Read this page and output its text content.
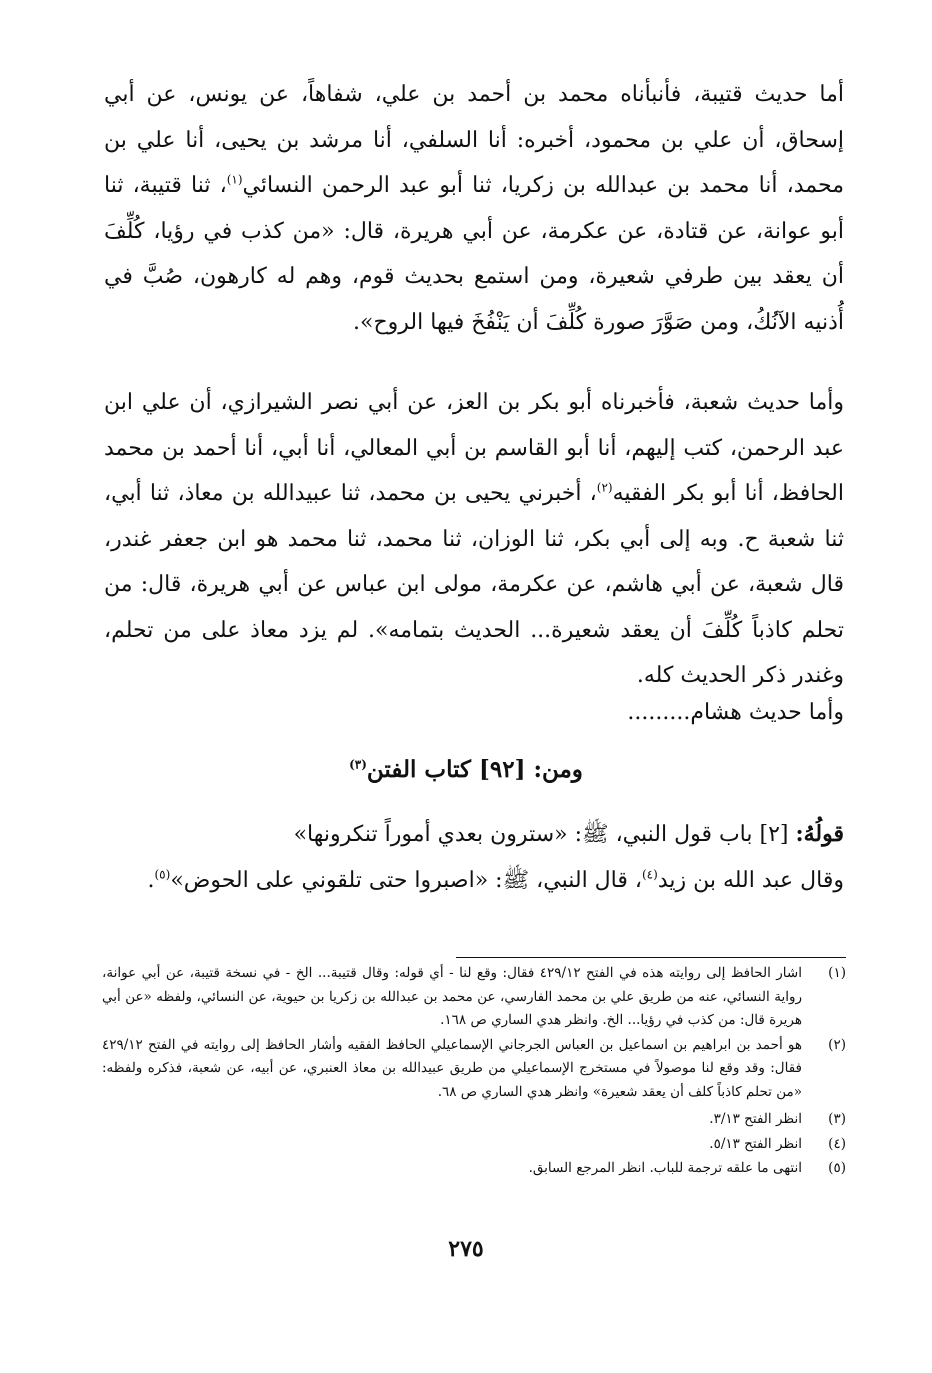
أما حديث قتيبة، فأنبأناه محمد بن أحمد بن علي، شفاهاً، عن يونس، عن أبي إسحاق، أن علي بن محمود، أخبره: أنا السلفي، أنا مرشد بن يحيى، أنا علي بن محمد، أنا محمد بن عبدالله بن زكريا، ثنا أبو عبد الرحمن النسائي$^{(١)}$، ثنا قتيبة، ثنا أبو عوانة، عن قتادة، عن عكرمة، عن أبي هريرة، قال: «من كذب في رؤيا، كُلِّفَ أن يعقد بين طرفي شعيرة، ومن استمع بحديث قوم، وهم له كارهون، صُبَّ في أُذنيه الآنُكُ، ومن صَوَّرَ صورة كُلِّفَ أن يَنْفُخَ فيها الروح».
وأما حديث شعبة، فأخبرناه أبو بكر بن العز، عن أبي نصر الشيرازي، أن علي ابن عبد الرحمن، كتب إليهم، أنا أبو القاسم بن أبي المعالي، أنا أبي، أنا أحمد بن محمد الحافظ، أنا أبو بكر الفقيه$^{(٢)}$، أخبرني يحيى بن محمد، ثنا عبيدالله بن معاذ، ثنا أبي، ثنا شعبة ح. وبه إلى أبي بكر، ثنا الوزان، ثنا محمد، ثنا محمد هو ابن جعفر غندر، قال شعبة، عن أبي هاشم، عن عكرمة، مولى ابن عباس عن أبي هريرة، قال: من تحلم كاذباً كُلِّفَ أن يعقد شعيرة... الحديث بتمامه». لم يزد معاذ على من تحلم، وغندر ذكر الحديث كله.
وأما حديث هشام.........
ومن: [٩٢] كتاب الفتن$^{(٣)}$
قولُهُ: [٢] باب قول النبي، ﷺ: «سترون بعدي أموراً تنكرونها»
وقال عبد الله بن زيد$^{(٤)}$، قال النبي، ﷺ: «اصبروا حتى تلقوني على الحوض»$^{(٥)}$.
(١)
اشار الحافظ إلى روايته هذه في الفتح ٤٢٩/١٢ فقال: وقع لنا - أي قوله: وقال قتيبة... الخ - في نسخة قتيبة، عن أبي عوانة، رواية النسائي، عنه من طريق علي بن محمد الفارسي، عن محمد بن عبدالله بن زكريا بن حيوية، عن النسائي، ولفظه «عن أبي هريرة قال: من كذب في رؤيا... الخ. وانظر هدي الساري ص ١٦٨.
(٢)
هو أحمد بن ابراهيم بن اسماعيل بن العباس الجرجاني الإسماعيلي الحافظ الفقيه وأشار الحافظ إلى روايته في الفتح ٤٢٩/١٢ فقال: وقد وقع لنا موصولاً في مستخرج الإسماعيلي من طريق عبيدالله بن معاذ العنبري، عن أبيه، عن شعبة، فذكره ولفظه: «من تحلم كاذباً كلف أن يعقد شعيرة» وانظر هدي الساري ص ٦٨.
(٣)
انظر الفتح ٣/١٣.
(٤)
انظر الفتح ٥/١٣.
(٥)
انتهى ما علقه ترجمة للباب. انظر المرجع السابق.
٢٧٥
